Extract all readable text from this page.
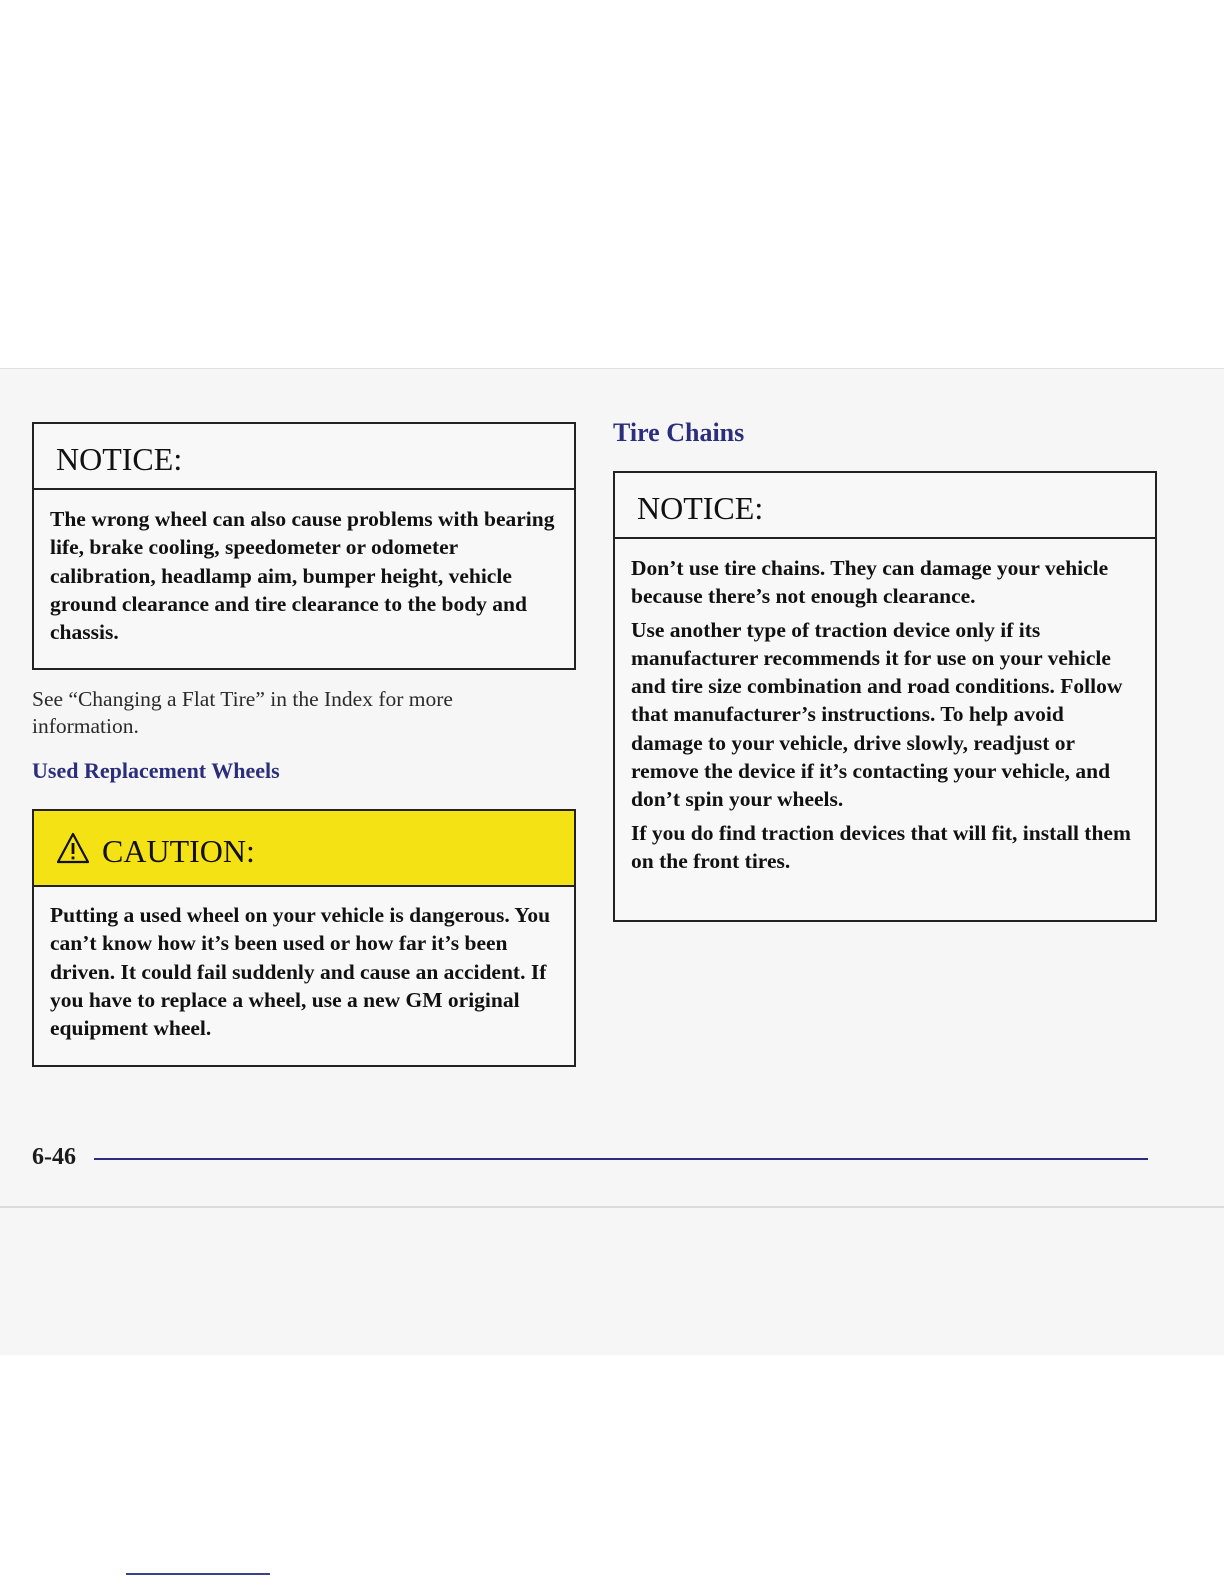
NOTICE:

The wrong wheel can also cause problems with bearing life, brake cooling, speedometer or odometer calibration, headlamp aim, bumper height, vehicle ground clearance and tire clearance to the body and chassis.

See “Changing a Flat Tire” in the Index for more information.
Used Replacement Wheels
CAUTION:

Putting a used wheel on your vehicle is dangerous. You can’t know how it’s been used or how far it’s been driven. It could fail suddenly and cause an accident. If you have to replace a wheel, use a new GM original equipment wheel.

Tire Chains
NOTICE:

Don’t use tire chains. They can damage your vehicle because there’s not enough clearance.

Use another type of traction device only if its manufacturer recommends it for use on your vehicle and tire size combination and road conditions. Follow that manufacturer’s instructions. To help avoid damage to your vehicle, drive slowly, readjust or remove the device if it’s contacting your vehicle, and don’t spin your wheels.

If you do find traction devices that will fit, install them on the front tires.

6-46
